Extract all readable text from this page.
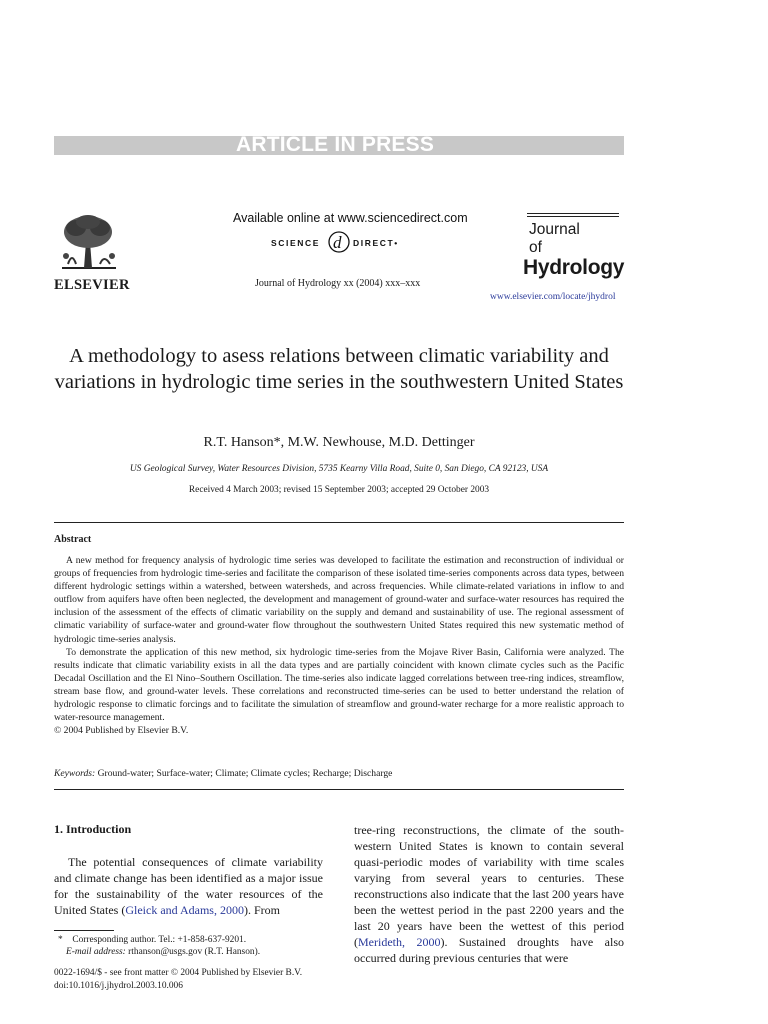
ARTICLE IN PRESS
ELSEVIER
Available online at www.sciencedirect.com
SCIENCE d DIRECT•
Journal of Hydrology xx (2004) xxx–xxx
Journal
of
Hydrology
www.elsevier.com/locate/jhydrol
A methodology to asess relations between climatic variability and variations in hydrologic time series in the southwestern United States
R.T. Hanson*, M.W. Newhouse, M.D. Dettinger
US Geological Survey, Water Resources Division, 5735 Kearny Villa Road, Suite 0, San Diego, CA 92123, USA
Received 4 March 2003; revised 15 September 2003; accepted 29 October 2003
Abstract

A new method for frequency analysis of hydrologic time series was developed to facilitate the estimation and reconstruction of individual or groups of frequencies from hydrologic time-series and facilitate the comparison of these isolated time-series components across data types, between different hydrologic settings within a watershed, between watersheds, and across frequencies. While climate-related variations in inflow to and outflow from aquifers have often been neglected, the development and management of ground-water and surface-water resources has required the inclusion of the assessment of the effects of climatic variability on the supply and demand and sustainability of use. The regional assessment of climatic variability of surface-water and ground-water flow throughout the southwestern United States required this new systematic method of hydrologic time-series analysis.

To demonstrate the application of this new method, six hydrologic time-series from the Mojave River Basin, California were analyzed. The results indicate that climatic variability exists in all the data types and are partially coincident with known climate cycles such as the Pacific Decadal Oscillation and the El Nino–Southern Oscillation. The time-series also indicate lagged correlations between tree-ring indices, streamflow, stream base flow, and ground-water levels. These correlations and reconstructed time-series can be used to better understand the relation of hydrologic response to climatic forcings and to facilitate the simulation of streamflow and ground-water recharge for a more realistic approach to water-resource management.

© 2004 Published by Elsevier B.V.

Keywords: Ground-water; Surface-water; Climate; Climate cycles; Recharge; Discharge
1. Introduction
The potential consequences of climate variability and climate change has been identified as a major issue for the sustainability of the water resources of the United States (Gleick and Adams, 2000). From
tree-ring reconstructions, the climate of the south-western United States is known to contain several quasi-periodic modes of variability with time scales varying from several years to centuries. These reconstructions also indicate that the last 200 years have been the wettest period in the past 2200 years and the last 20 years have been the wettest of this period (Merideth, 2000). Sustained droughts have also occurred during previous centuries that were
* Corresponding author. Tel.: +1-858-637-9201.
E-mail address: rthanson@usgs.gov (R.T. Hanson).
0022-1694/$ - see front matter © 2004 Published by Elsevier B.V.
doi:10.1016/j.jhydrol.2003.10.006
